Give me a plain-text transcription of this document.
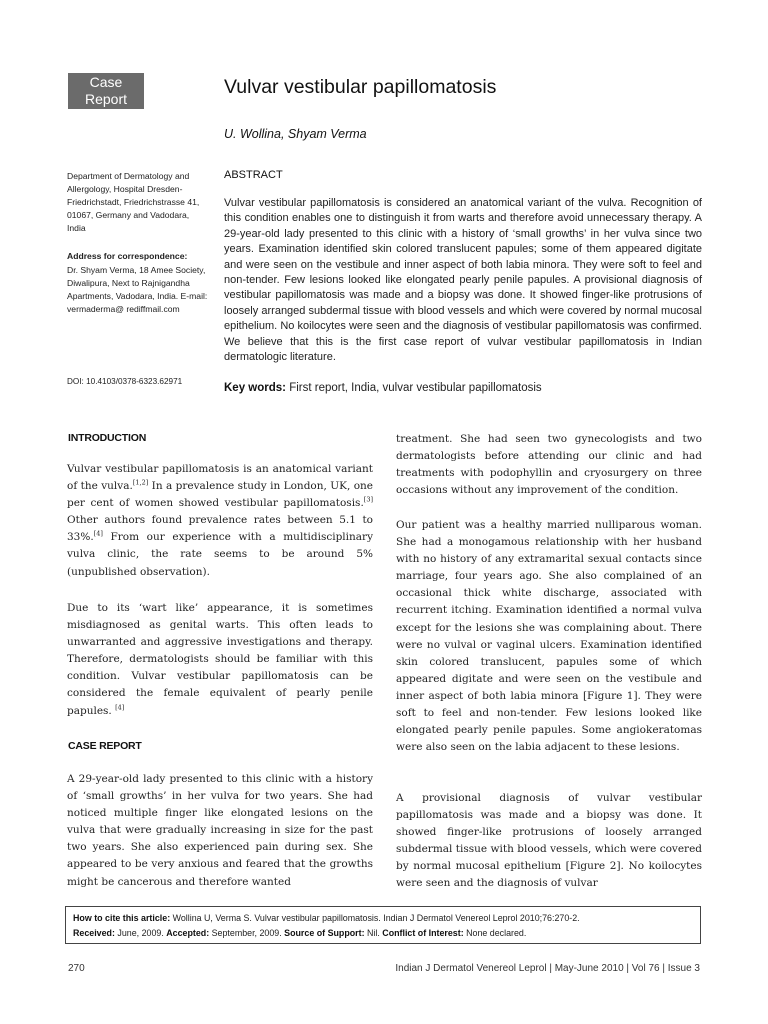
Case Report
Vulvar vestibular papillomatosis
U. Wollina, Shyam Verma
Department of Dermatology and Allergology, Hospital Dresden-Friedrichstadt, Friedrichstrasse 41, 01067, Germany and Vadodara, India
Address for correspondence:
Dr. Shyam Verma, 18 Amee Society, Diwalipura, Next to Rajnigandha Apartments, Vadodara, India. E-mail: vermaderma@ rediffmail.com
DOI: 10.4103/0378-6323.62971
ABSTRACT

Vulvar vestibular papillomatosis is considered an anatomical variant of the vulva. Recognition of this condition enables one to distinguish it from warts and therefore avoid unnecessary therapy. A 29-year-old lady presented to this clinic with a history of ‘small growths’ in her vulva since two years. Examination identified skin colored translucent papules; some of them appeared digitate and were seen on the vestibule and inner aspect of both labia minora. They were soft to feel and non-tender. Few lesions looked like elongated pearly penile papules. A provisional diagnosis of vestibular papillomatosis was made and a biopsy was done. It showed finger-like protrusions of loosely arranged subdermal tissue with blood vessels and which were covered by normal mucosal epithelium. No koilocytes were seen and the diagnosis of vestibular papillomatosis was confirmed. We believe that this is the first case report of vulvar vestibular papillomatosis in Indian dermatologic literature.

Key words: First report, India, vulvar vestibular papillomatosis
INTRODUCTION

Vulvar vestibular papillomatosis is an anatomical variant of the vulva.[1,2] In a prevalence study in London, UK, one per cent of women showed vestibular papillomatosis.[3] Other authors found prevalence rates between 5.1 to 33%.[4] From our experience with a multidisciplinary vulva clinic, the rate seems to be around 5% (unpublished observation).

Due to its ‘wart like’ appearance, it is sometimes misdiagnosed as genital warts. This often leads to unwarranted and aggressive investigations and therapy. Therefore, dermatologists should be familiar with this condition. Vulvar vestibular papillomatosis can be considered the female equivalent of pearly penile papules. [4]

CASE REPORT

A 29-year-old lady presented to this clinic with a history of ‘small growths’ in her vulva for two years. She had noticed multiple finger like elongated lesions on the vulva that were gradually increasing in size for the past two years. She also experienced pain during sex. She appeared to be very anxious and feared that the growths might be cancerous and therefore wanted

treatment. She had seen two gynecologists and two dermatologists before attending our clinic and had treatments with podophyllin and cryosurgery on three occasions without any improvement of the condition.

Our patient was a healthy married nulliparous woman. She had a monogamous relationship with her husband with no history of any extramarital sexual contacts since marriage, four years ago. She also complained of an occasional thick white discharge, associated with recurrent itching. Examination identified a normal vulva except for the lesions she was complaining about. There were no vulval or vaginal ulcers. Examination identified skin colored translucent, papules some of which appeared digitate and were seen on the vestibule and inner aspect of both labia minora [Figure 1]. They were soft to feel and non-tender. Few lesions looked like elongated pearly penile papules. Some angiokeratomas were also seen on the labia adjacent to these lesions.

A provisional diagnosis of vulvar vestibular papillomatosis was made and a biopsy was done. It showed finger-like protrusions of loosely arranged subdermal tissue with blood vessels, which were covered by normal mucosal epithelium [Figure 2]. No koilocytes were seen and the diagnosis of vulvar

How to cite this article: Wollina U, Verma S. Vulvar vestibular papillomatosis. Indian J Dermatol Venereol Leprol 2010;76:270-2.
Received: June, 2009. Accepted: September, 2009. Source of Support: Nil. Conflict of Interest: None declared.
270	Indian J Dermatol Venereol Leprol | May-June 2010 | Vol 76 | Issue 3
